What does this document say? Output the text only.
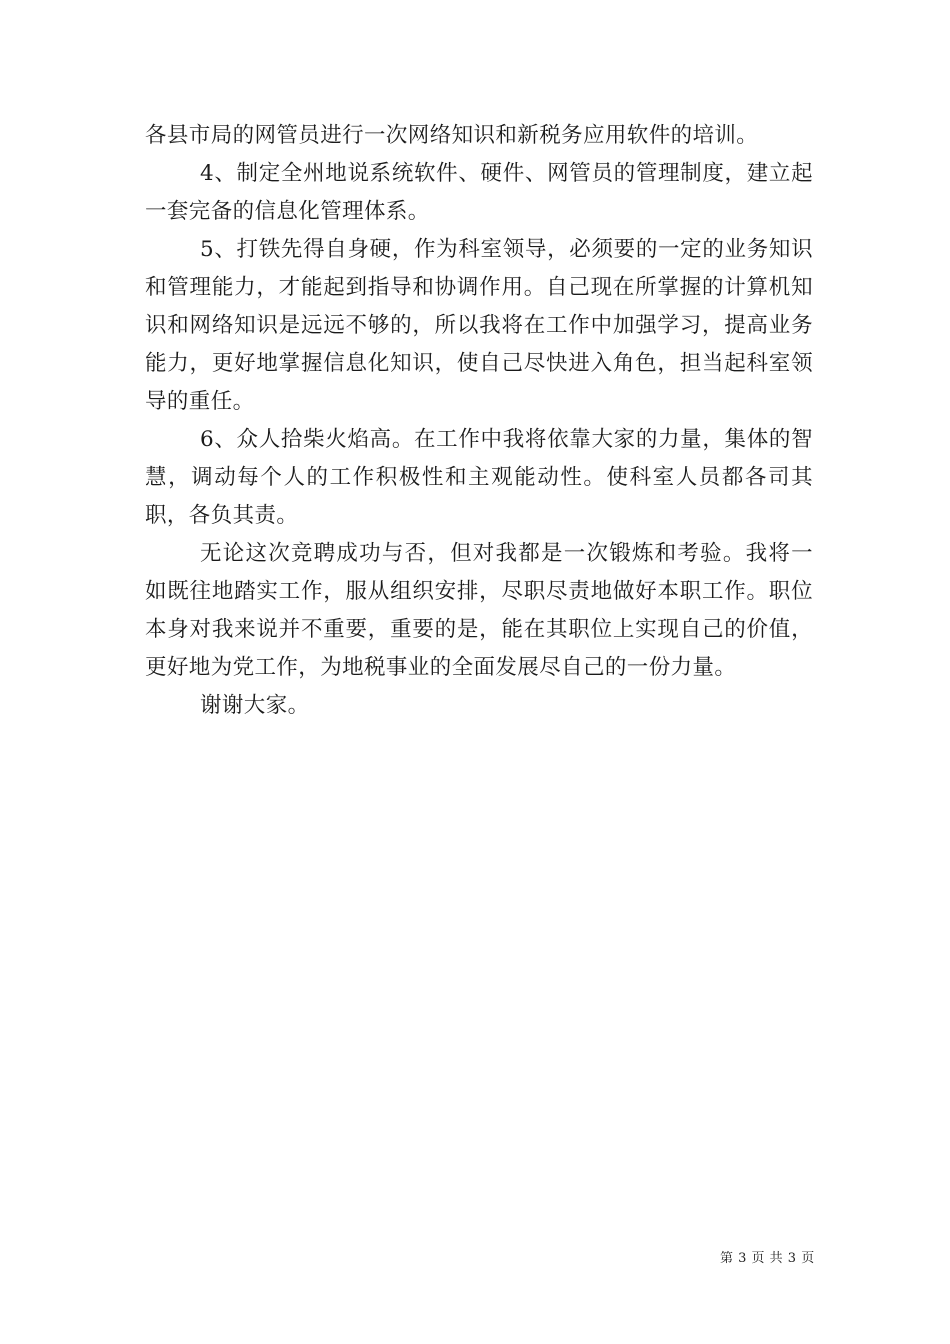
各县市局的网管员进行一次网络知识和新税务应用软件的培训。

4、制定全州地说系统软件、硬件、网管员的管理制度，建立起一套完备的信息化管理体系。

5、打铁先得自身硬，作为科室领导，必须要的一定的业务知识和管理能力，才能起到指导和协调作用。自己现在所掌握的计算机知识和网络知识是远远不够的，所以我将在工作中加强学习，提高业务能力，更好地掌握信息化知识，使自己尽快进入角色，担当起科室领导的重任。

6、众人拾柴火焰高。在工作中我将依靠大家的力量，集体的智慧，调动每个人的工作积极性和主观能动性。使科室人员都各司其职，各负其责。

无论这次竞聘成功与否，但对我都是一次锻炼和考验。我将一如既往地踏实工作，服从组织安排，尽职尽责地做好本职工作。职位本身对我来说并不重要，重要的是，能在其职位上实现自己的价值，更好地为党工作，为地税事业的全面发展尽自己的一份力量。

谢谢大家。

第 3 页 共 3 页
